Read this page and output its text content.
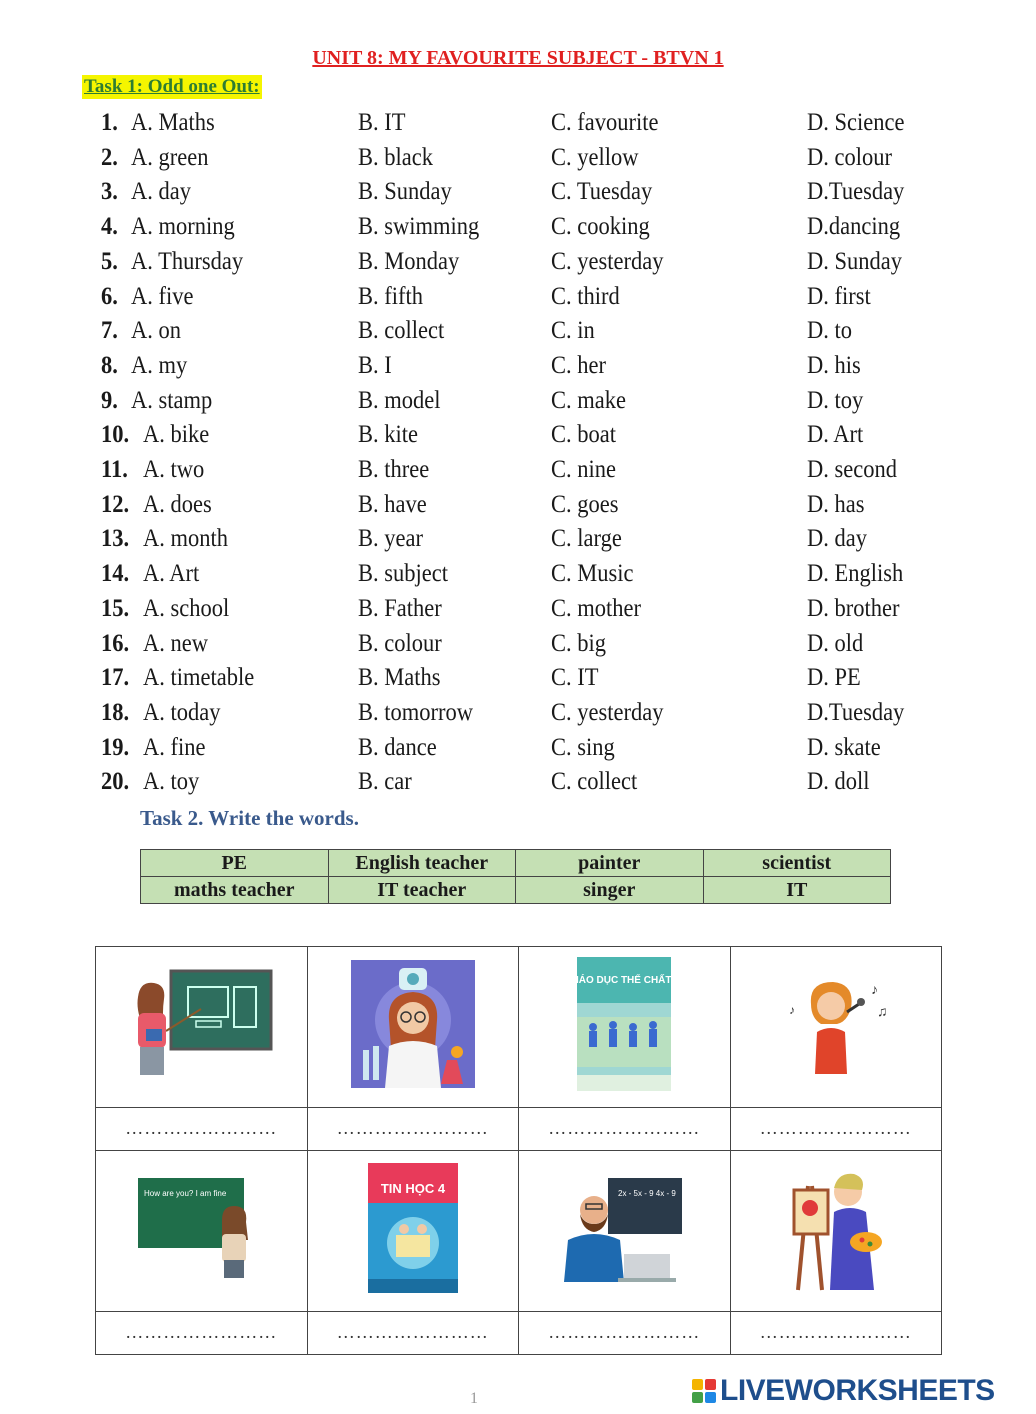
UNIT 8: MY FAVOURITE SUBJECT - BTVN 1
Task 1: Odd one Out:
1. A. Maths	B. IT	C. favourite	D. Science
2. A. green	B. black	C. yellow	D. colour
3. A. day	B. Sunday	C. Tuesday	D.Tuesday
4. A. morning	B. swimming	C. cooking	D.dancing
5. A. Thursday	B. Monday	C. yesterday	D. Sunday
6. A. five	B. fifth	C. third	D. first
7. A. on	B. collect	C. in	D. to
8. A. my	B. I	C. her	D. his
9. A. stamp	B. model	C. make	D. toy
10. A. bike	B. kite	C. boat	D. Art
11. A. two	B. three	C. nine	D. second
12. A. does	B. have	C. goes	D. has
13. A. month	B. year	C. large	D. day
14. A. Art	B. subject	C. Music	D. English
15. A. school	B. Father	C. mother	D. brother
16. A. new	B. colour	C. big	D. old
17. A. timetable	B. Maths	C. IT	D. PE
18. A. today	B. tomorrow	C. yesterday	D.Tuesday
19. A. fine	B. dance	C. sing	D. skate
20. A. toy	B. car	C. collect	D. doll
Task 2. Write the words.
PE	English teacher	painter	scientist
maths teacher	IT teacher	singer	IT

GIÁO DỤC THỂ CHẤT 4	♪
♫
♪

……………………	……………………	……………………	……………………

How are you? I am fine	TIN HỌC 4	2x - 5x - 9 4x - 9

……………………	……………………	……………………	……………………
1	LIVEWORKSHEETS
